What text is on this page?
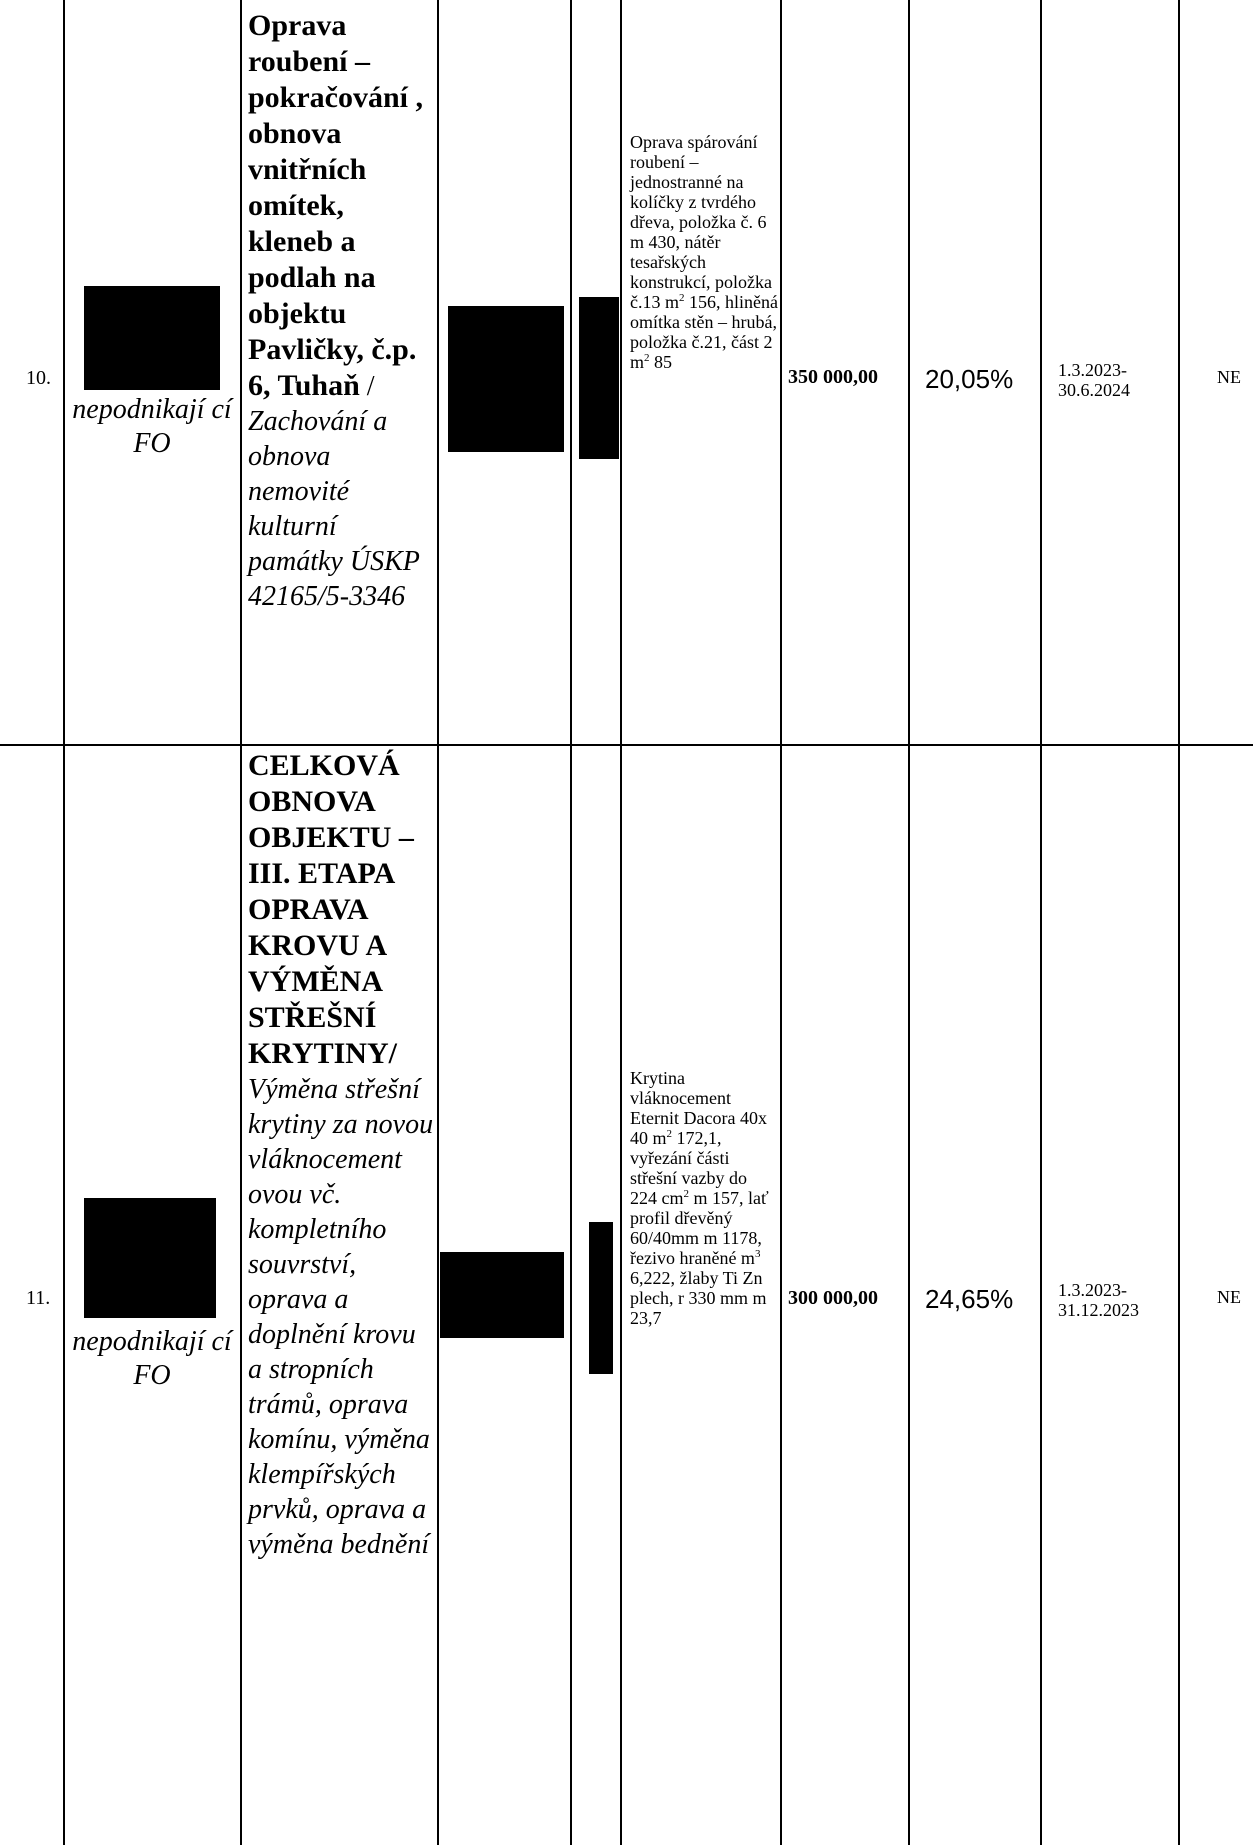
10.
nepodnikají cí FO
Oprava roubení – pokračování , obnova vnitřních omítek, kleneb a podlah na objektu Pavličky, č.p. 6, Tuhaň / Zachování a obnova nemovité kulturní památky ÚSKP 42165/5-3346
Oprava spárování roubení – jednostranné na kolíčky z tvrdého dřeva, položka č. 6 m 430, nátěr tesařských konstrukcí, položka č.13 $m^2$ 156, hliněná omítka stěn – hrubá, položka č.21, část 2 $m^2$ 85
350 000,00 20,05% 1.3.2023- 30.6.2024
NE
11.
nepodnikají cí FO
CELKOVÁ OBNOVA OBJEKTU – III. ETAPA OPRAVA KROVU A VÝMĚNA STŘEŠNÍ KRYTINY/ Výměna střešní krytiny za novou vláknocement ovou vč. kompletního souvrství, oprava a doplnění krovu a stropních trámů, oprava komínu, výměna klempířských prvků, oprava a výměna bednění
Krytina vláknocement Eternit Dacora 40x 40 $m^2$ 172,1, vyřezání části střešní vazby do 224 $cm^2$ m 157, lať profil dřevěný 60/40mm m 1178, řezivo hraněné $m^3$ 6,222, žlaby Ti Zn plech, r 330 mm m 23,7
300 000,00 24,65% 1.3.2023- 31.12.2023
NE
